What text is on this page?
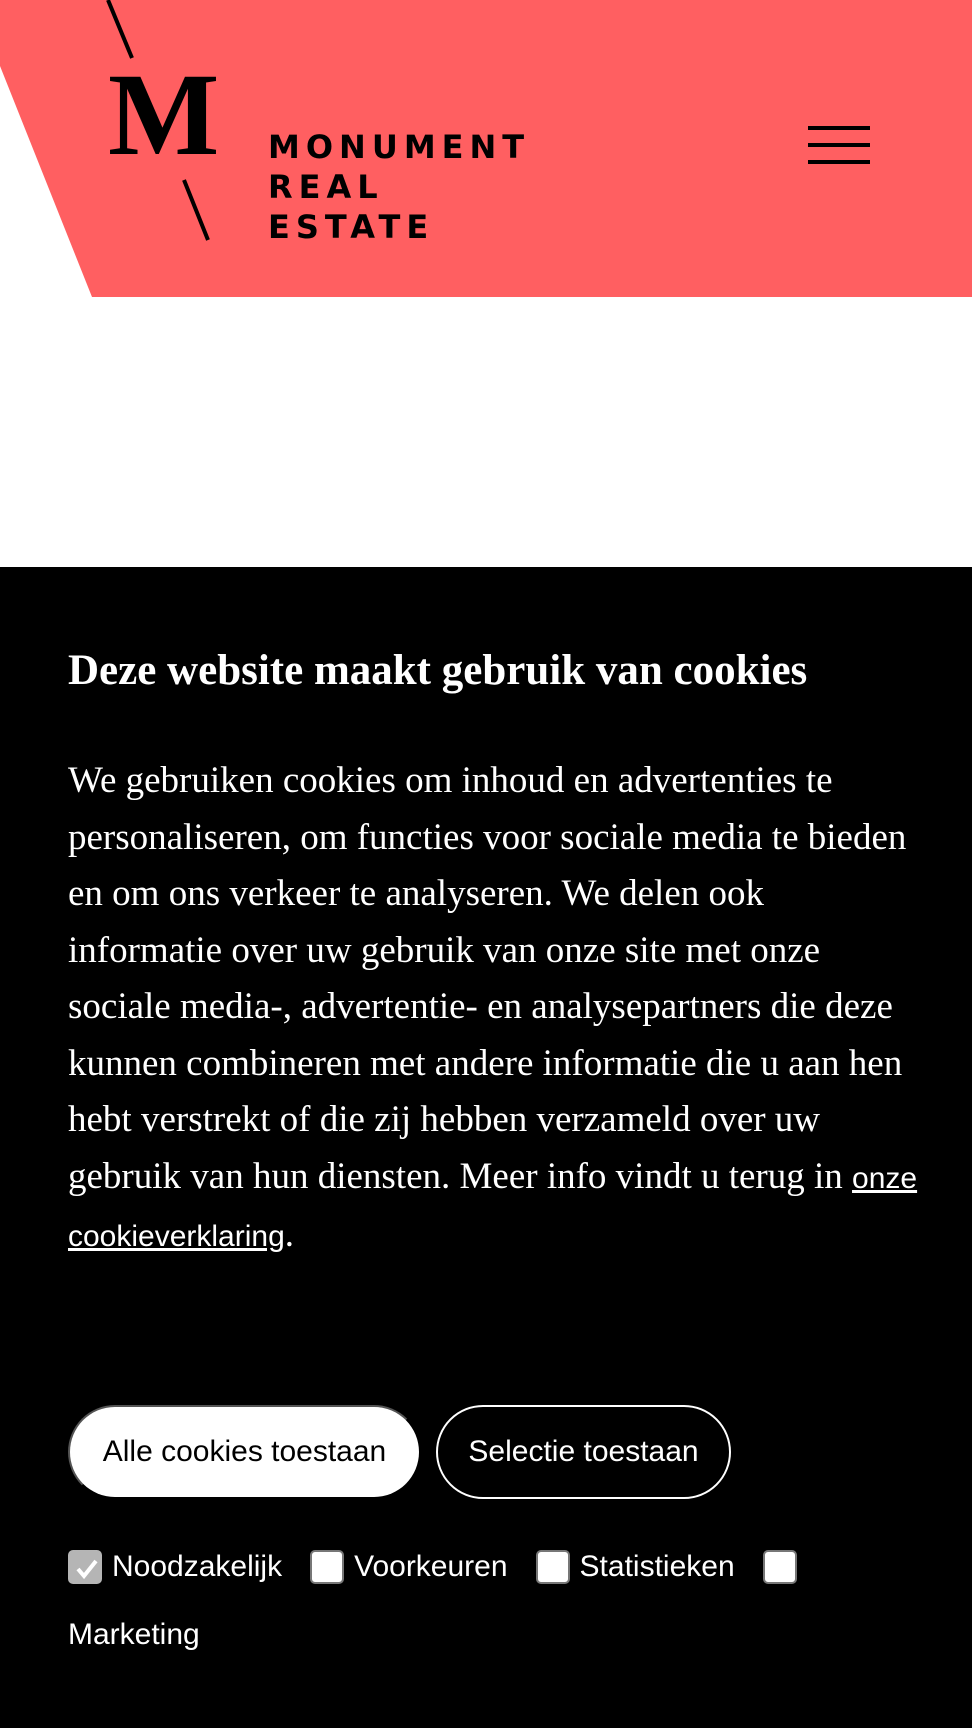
M MONUMENT
REAL
ESTATE
Deze website maakt gebruik van cookies

We gebruiken cookies om inhoud en advertenties te personaliseren, om functies voor sociale media te bieden en om ons verkeer te analyseren. We delen ook informatie over uw gebruik van onze site met onze sociale media-, advertentie- en analysepartners die deze kunnen combineren met andere informatie die u aan hen hebt verstrekt of die zij hebben verzameld over uw gebruik van hun diensten. Meer info vindt u terug in onze cookieverklaring.

Alle cookies toestaan	Selectie toestaan
Noodzakelijk Voorkeuren Statistieken
Marketing
